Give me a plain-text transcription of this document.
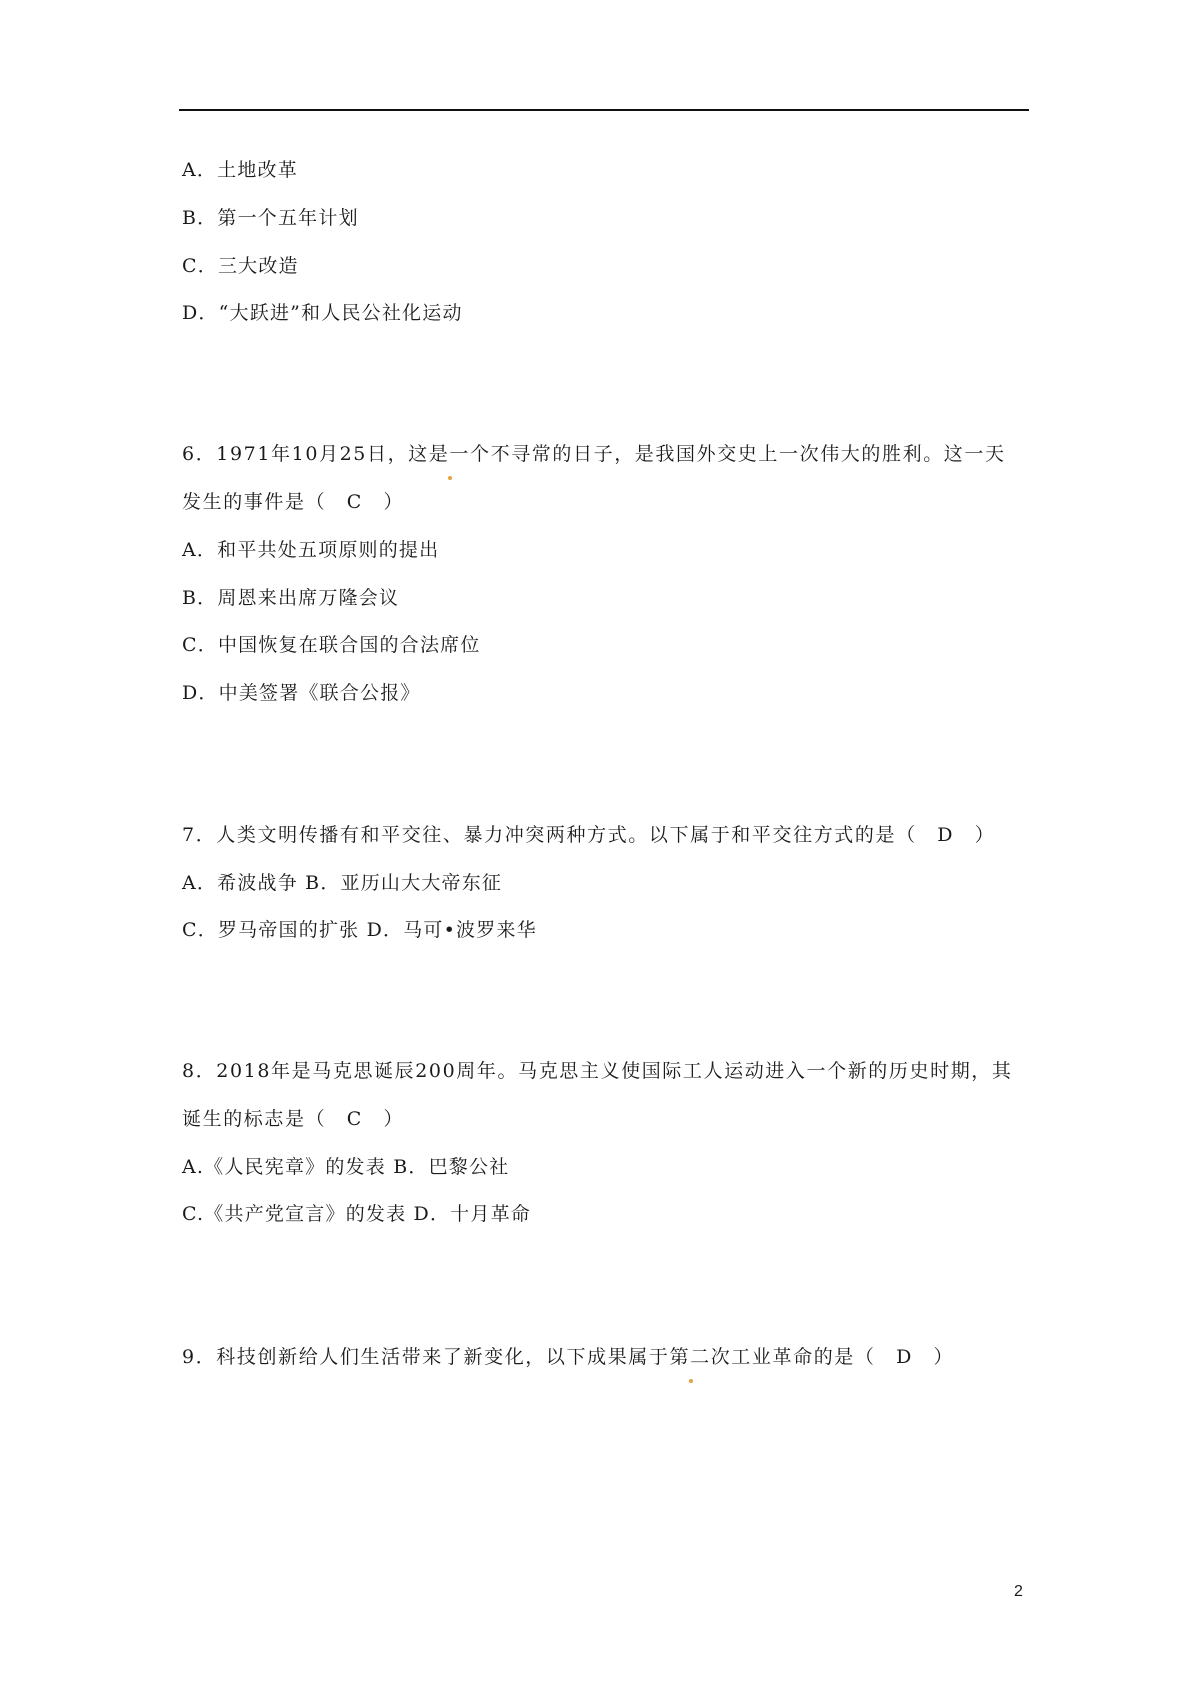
A．土地改革
B．第一个五年计划
C．三大改造
D．“大跃进”和人民公社化运动
6．1971年10月25日，这是一个不寻常的日子，是我国外交史上一次伟大的胜利。这一天
发生的事件是（　C　）
A．和平共处五项原则的提出
B．周恩来出席万隆会议
C．中国恢复在联合国的合法席位
D．中美签署《联合公报》
7．人类文明传播有和平交往、暴力冲突两种方式。以下属于和平交往方式的是（　D　）
A．希波战争 B．亚历山大大帝东征
C．罗马帝国的扩张 D．马可•波罗来华
8．2018年是马克思诞辰200周年。马克思主义使国际工人运动进入一个新的历史时期，其
诞生的标志是（　C　）
A.《人民宪章》的发表 B．巴黎公社
C.《共产党宣言》的发表 D．十月革命
9．科技创新给人们生活带来了新变化，以下成果属于第二次工业革命的是（　D　）
2
